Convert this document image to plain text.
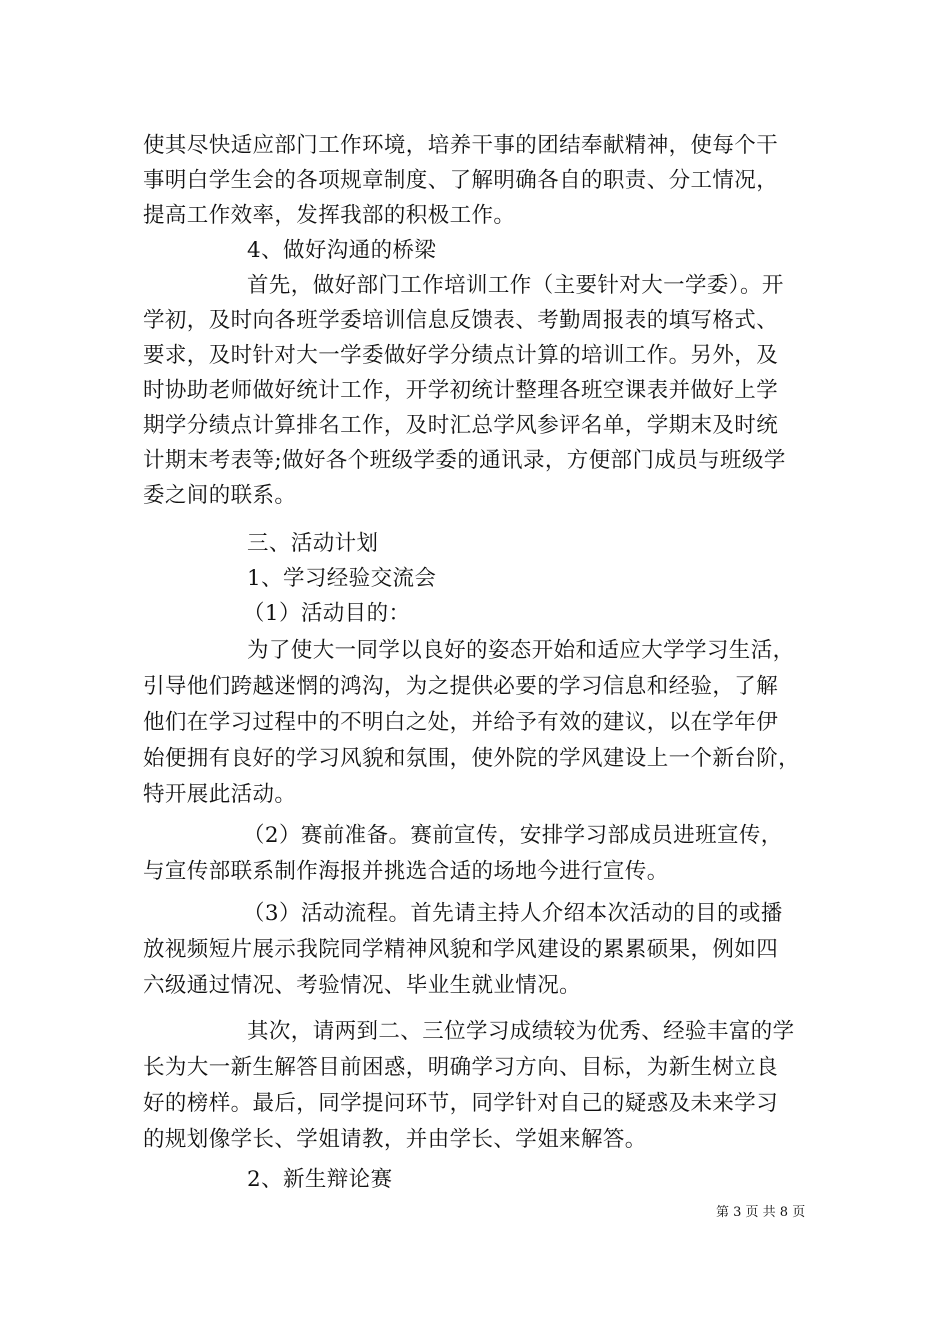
使其尽快适应部门工作环境，培养干事的团结奉献精神，使每个干
事明白学生会的各项规章制度、了解明确各自的职责、分工情况，
提高工作效率，发挥我部的积极工作。
4、做好沟通的桥梁
首先，做好部门工作培训工作（主要针对大一学委）。开
学初，及时向各班学委培训信息反馈表、考勤周报表的填写格式、
要求，及时针对大一学委做好学分绩点计算的培训工作。另外，及
时协助老师做好统计工作，开学初统计整理各班空课表并做好上学
期学分绩点计算排名工作，及时汇总学风参评名单，学期末及时统
计期末考表等;做好各个班级学委的通讯录，方便部门成员与班级学
委之间的联系。
三、活动计划
1、学习经验交流会
（1）活动目的：
为了使大一同学以良好的姿态开始和适应大学学习生活，
引导他们跨越迷惘的鸿沟，为之提供必要的学习信息和经验，了解
他们在学习过程中的不明白之处，并给予有效的建议，以在学年伊
始便拥有良好的学习风貌和氛围，使外院的学风建设上一个新台阶，
特开展此活动。
（2）赛前准备。赛前宣传，安排学习部成员进班宣传，
与宣传部联系制作海报并挑选合适的场地今进行宣传。
（3）活动流程。首先请主持人介绍本次活动的目的或播
放视频短片展示我院同学精神风貌和学风建设的累累硕果，例如四
六级通过情况、考验情况、毕业生就业情况。
其次，请两到二、三位学习成绩较为优秀、经验丰富的学
长为大一新生解答目前困惑，明确学习方向、目标，为新生树立良
好的榜样。最后，同学提问环节，同学针对自己的疑惑及未来学习
的规划像学长、学姐请教，并由学长、学姐来解答。
2、新生辩论赛
第 3 页 共 8 页
